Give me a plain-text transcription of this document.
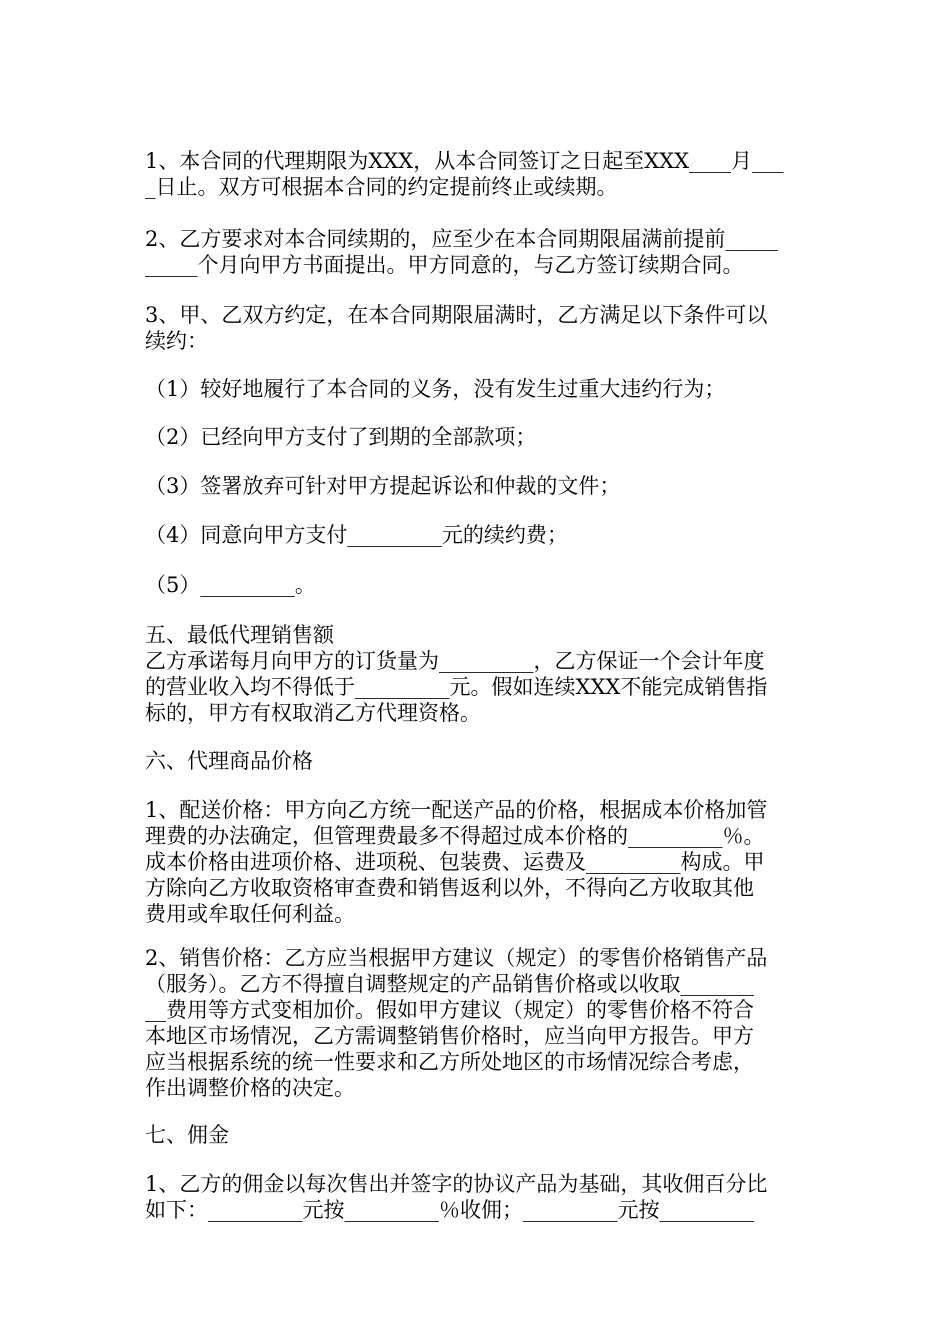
1、本合同的代理期限为XXX，从本合同签订之日起至XXX____月___

_日止。双方可根据本合同的约定提前终止或续期。

2、乙方要求对本合同续期的，应至少在本合同期限届满前提前_____

_____个月向甲方书面提出。甲方同意的，与乙方签订续期合同。

3、甲、乙双方约定，在本合同期限届满时，乙方满足以下条件可以

续约：

（1）较好地履行了本合同的义务，没有发生过重大违约行为；

（2）已经向甲方支付了到期的全部款项；

（3）签署放弃可针对甲方提起诉讼和仲裁的文件；

（4）同意向甲方支付_________元的续约费；

（5）_________。

五、最低代理销售额

乙方承诺每月向甲方的订货量为_________，乙方保证一个会计年度

的营业收入均不得低于_________元。假如连续XXX不能完成销售指

标的，甲方有权取消乙方代理资格。

六、代理商品价格

1、配送价格：甲方向乙方统一配送产品的价格，根据成本价格加管

理费的办法确定，但管理费最多不得超过成本价格的_________％。

成本价格由进项价格、进项税、包装费、运费及_________构成。甲

方除向乙方收取资格审查费和销售返利以外，不得向乙方收取其他

费用或牟取任何利益。

2、销售价格：乙方应当根据甲方建议（规定）的零售价格销售产品

（服务）。乙方不得擅自调整规定的产品销售价格或以收取_______

__费用等方式变相加价。假如甲方建议（规定）的零售价格不符合

本地区市场情况，乙方需调整销售价格时，应当向甲方报告。甲方

应当根据系统的统一性要求和乙方所处地区的市场情况综合考虑，

作出调整价格的决定。

七、佣金

1、乙方的佣金以每次售出并签字的协议产品为基础，其收佣百分比

如下：_________元按_________％收佣；_________元按_________
